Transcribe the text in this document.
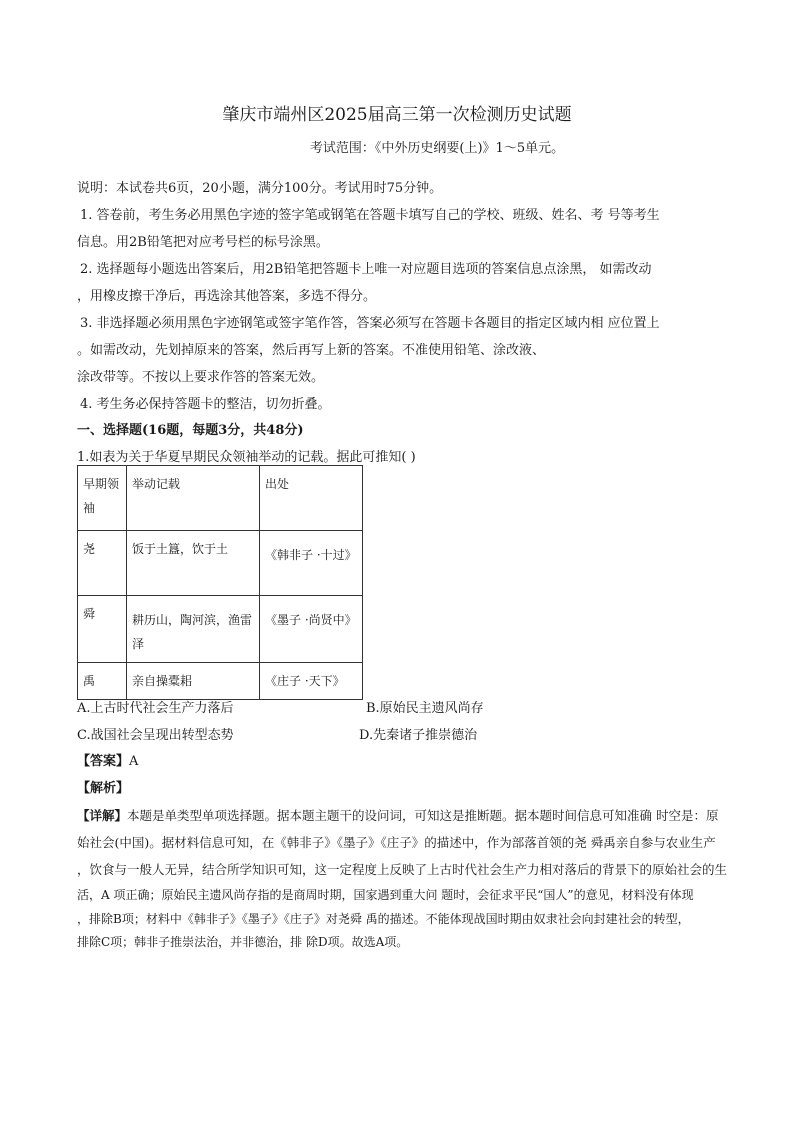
肇庆市端州区2025届高三第一次检测历史试题
考试范围：《中外历史纲要(上)》1～5单元。
说明：本试卷共6页，20小题，满分100分。考试用时75分钟。
1. 答卷前，考生务必用黑色字迹的签字笔或钢笔在答题卡填写自己的学校、班级、姓名、考 号等考生
信息。用2B铅笔把对应考号栏的标号涂黑。
2. 选择题每小题选出答案后，用2B铅笔把答题卡上唯一对应题目选项的答案信息点涂黑， 如需改动
，用橡皮擦干净后，再选涂其他答案，多选不得分。
3. 非选择题必须用黑色字迹钢笔或签字笔作答，答案必须写在答题卡各题目的指定区域内相 应位置上
。如需改动，先划掉原来的答案，然后再写上新的答案。不准使用铅笔、涂改液、
涂改带等。不按以上要求作答的答案无效。
4. 考生务必保持答题卡的整洁，切勿折叠。
一、选择题(16题，每题3分，共48分)
1.如表为关于华夏早期民众领袖举动的记载。据此可推知( )
早期领袖	举动记载	出处
尧	饭于土簋，饮于土	《韩非子 ·十过》
舜	耕历山，陶河滨，渔雷泽	《墨子 ·尚贤中》
禹	亲自操橐耜	《庄子 ·天下》
A.上古时代社会生产力落后	B.原始民主遗风尚存
C.战国社会呈现出转型态势	D.先秦诸子推崇德治
【答案】A
【解析】
【详解】本题是单类型单项选择题。据本题主题干的设问词，可知这是推断题。据本题时间信息可知准确 时空是：原
始社会(中国)。据材料信息可知，在《韩非子》《墨子》《庄子》的描述中，作为部落首领的尧 舜禹亲自参与农业生产
，饮食与一般人无异，结合所学知识可知，这一定程度上反映了上古时代社会生产力相对落后的背景下的原始社会的生
活，A 项正确；原始民主遗风尚存指的是商周时期，国家遇到重大问 题时，会征求平民“国人”的意见，材料没有体现
，排除B项；材料中《韩非子》《墨子》《庄子》对尧舜 禹的描述。不能体现战国时期由奴隶社会向封建社会的转型，
排除C项；韩非子推崇法治，并非德治，排 除D项。故选A项。
